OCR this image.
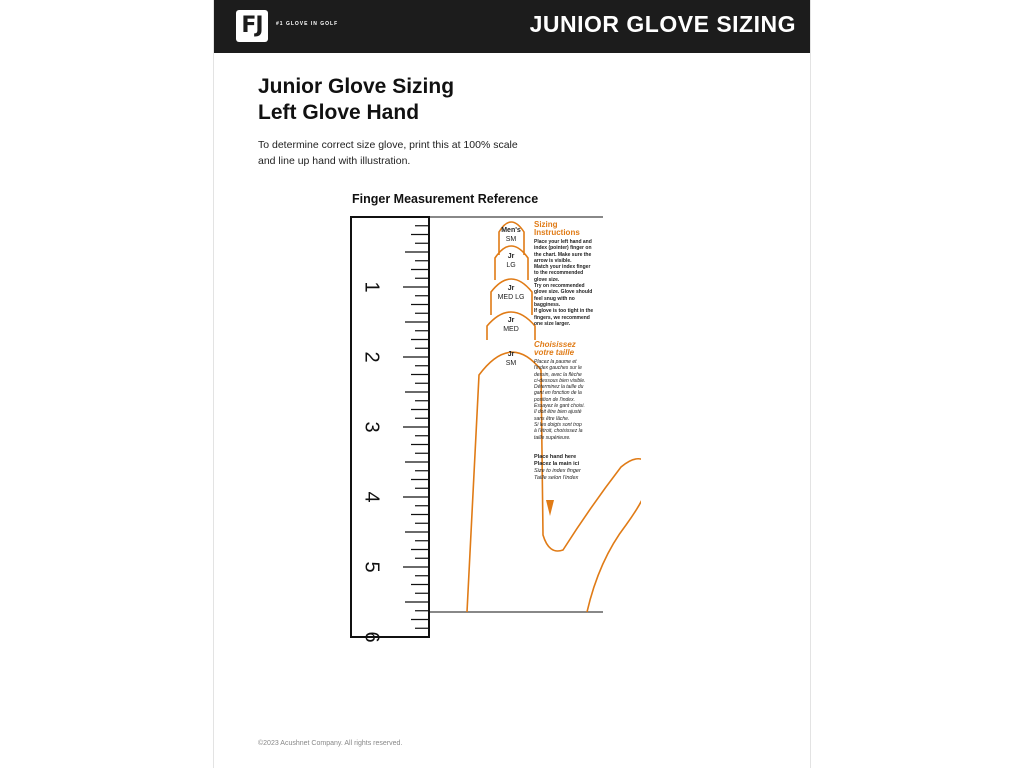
FJ	#1 GLOVE IN GOLF	JUNIOR GLOVE SIZING
Junior Glove Sizing
Left Glove Hand
To determine correct size glove, print this at 100% scale
and line up hand with illustration.
Finger Measurement Reference
1
2
3
4
5
6
Men's
SM
Jr
LG
Jr
MED LG
Jr
MED
Jr
SM
Sizing
Instructions
Place your left hand and
index (pointer) finger on
the chart. Make sure the
arrow is visible.
Match your index finger
to the recommended
glove size.
Try on recommended
glove size. Glove should
feel snug with no
bagginess.
If glove is too tight in the
fingers, we recommend
one size larger.
Choisissez
votre taille
Placez la paume et
l'index gauches sur le
dessin, avec la flèche
ci-dessous bien visible.
Déterminez la taille du
gant en fonction de la
position de l'index.
Essayez le gant choisi.
Il doit être bien ajusté
sans être lâche.
Si les doigts sont trop
à l'étroit, choisissez la
taille supérieure.
Place hand here
Placez la main ici
Size to index finger
Taille selon l'index
©2023 Acushnet Company. All rights reserved.
